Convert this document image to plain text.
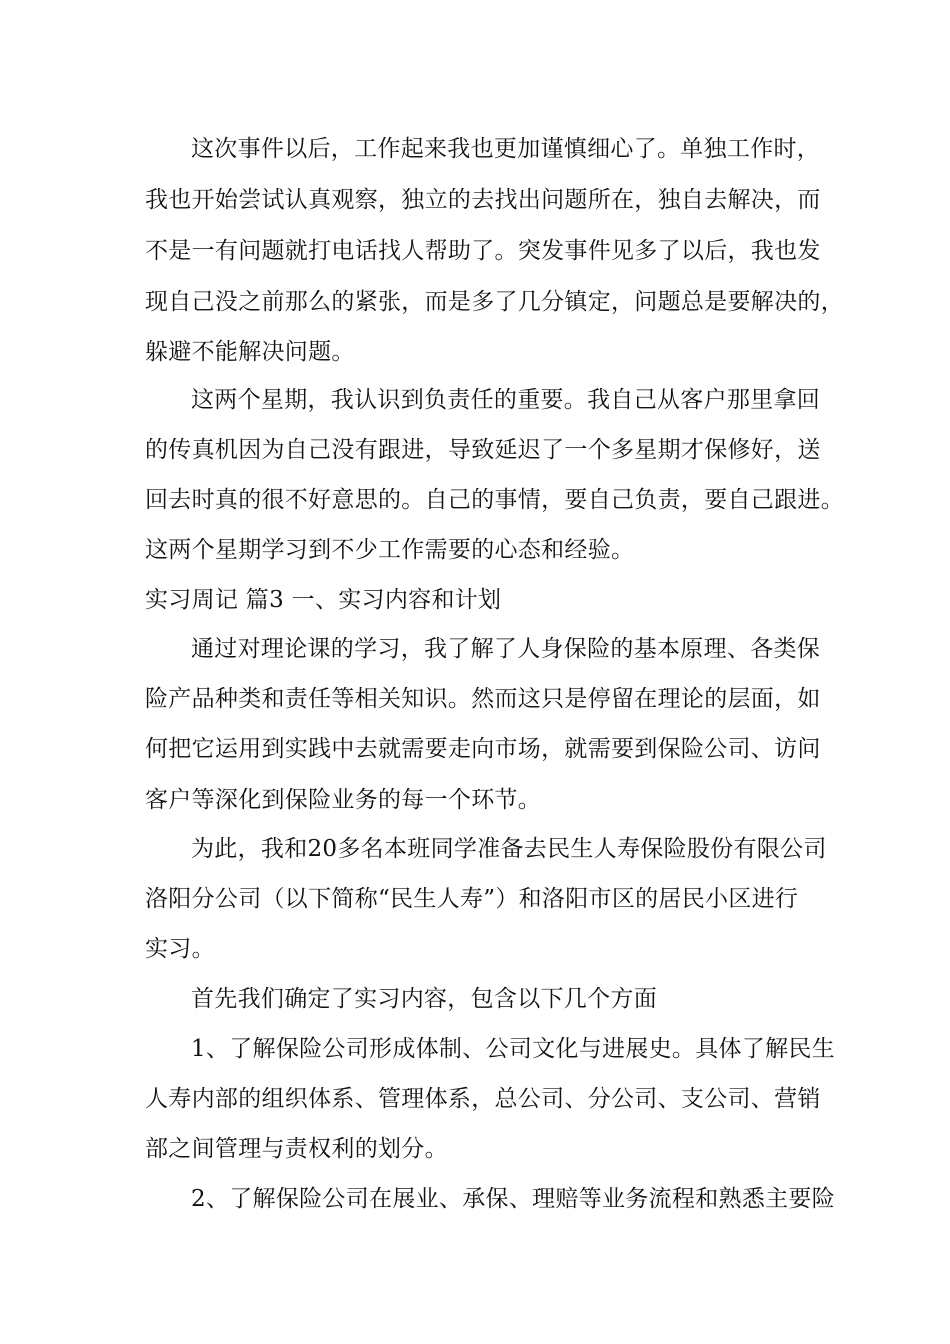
这次事件以后，工作起来我也更加谨慎细心了。单独工作时，
我也开始尝试认真观察，独立的去找出问题所在，独自去解决，而
不是一有问题就打电话找人帮助了。突发事件见多了以后，我也发
现自己没之前那么的紧张，而是多了几分镇定，问题总是要解决的，
躲避不能解决问题。
这两个星期，我认识到负责任的重要。我自己从客户那里拿回
的传真机因为自己没有跟进，导致延迟了一个多星期才保修好，送
回去时真的很不好意思的。自己的事情，要自己负责，要自己跟进。
这两个星期学习到不少工作需要的心态和经验。
实习周记 篇3 一、实习内容和计划
通过对理论课的学习，我了解了人身保险的基本原理、各类保
险产品种类和责任等相关知识。然而这只是停留在理论的层面，如
何把它运用到实践中去就需要走向市场，就需要到保险公司、访问
客户等深化到保险业务的每一个环节。
为此，我和20多名本班同学准备去民生人寿保险股份有限公司
洛阳分公司（以下简称“民生人寿”）和洛阳市区的居民小区进行
实习。
首先我们确定了实习内容，包含以下几个方面
1、了解保险公司形成体制、公司文化与进展史。具体了解民生
人寿内部的组织体系、管理体系，总公司、分公司、支公司、营销
部之间管理与责权利的划分。
2、了解保险公司在展业、承保、理赔等业务流程和熟悉主要险
